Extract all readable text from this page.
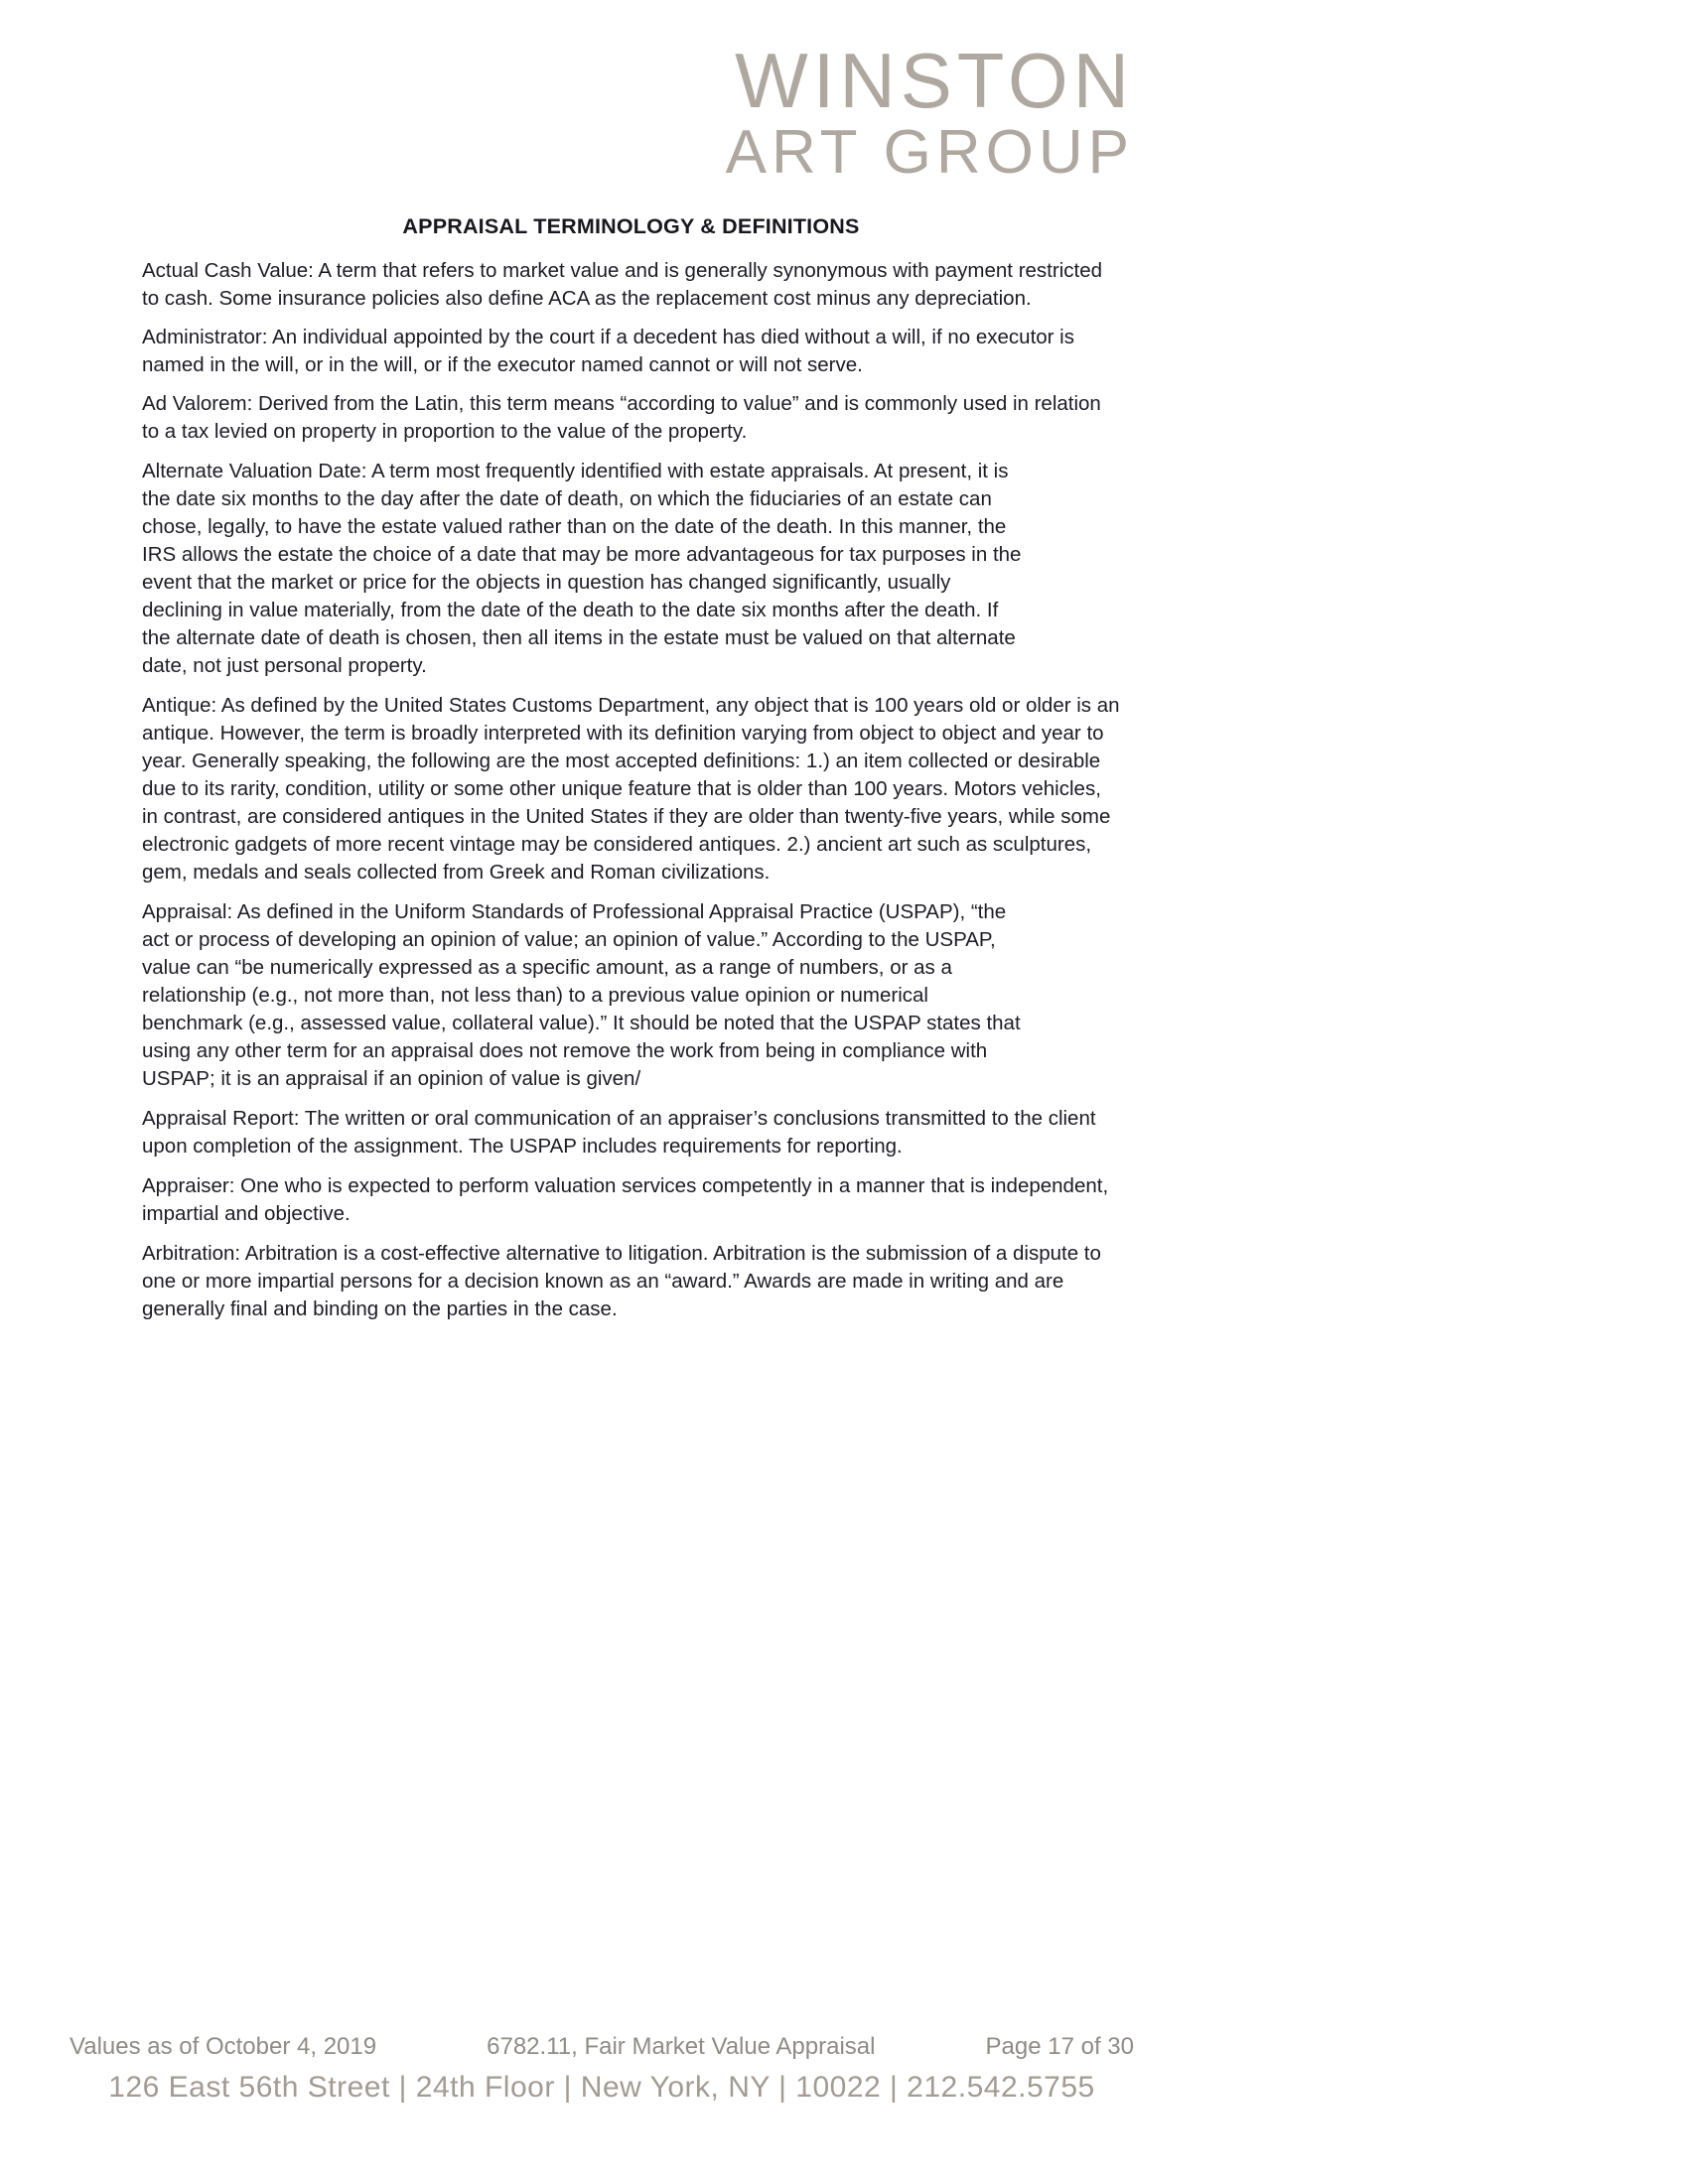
WINSTON
ART GROUP
APPRAISAL TERMINOLOGY & DEFINITIONS

Actual Cash Value: A term that refers to market value and is generally synonymous with payment restricted to cash. Some insurance policies also define ACA as the replacement cost minus any depreciation.

Administrator: An individual appointed by the court if a decedent has died without a will, if no executor is named in the will, or in the will, or if the executor named cannot or will not serve.

Ad Valorem: Derived from the Latin, this term means “according to value” and is commonly used in relation to a tax levied on property in proportion to the value of the property.

Alternate Valuation Date: A term most frequently identified with estate appraisals. At present, it is the date six months to the day after the date of death, on which the fiduciaries of an estate can chose, legally, to have the estate valued rather than on the date of the death. In this manner, the IRS allows the estate the choice of a date that may be more advantageous for tax purposes in the event that the market or price for the objects in question has changed significantly, usually declining in value materially, from the date of the death to the date six months after the death. If the alternate date of death is chosen, then all items in the estate must be valued on that alternate date, not just personal property.

Antique: As defined by the United States Customs Department, any object that is 100 years old or older is an antique. However, the term is broadly interpreted with its definition varying from object to object and year to year. Generally speaking, the following are the most accepted definitions: 1.) an item collected or desirable due to its rarity, condition, utility or some other unique feature that is older than 100 years. Motors vehicles, in contrast, are considered antiques in the United States if they are older than twenty-five years, while some electronic gadgets of more recent vintage may be considered antiques. 2.) ancient art such as sculptures, gem, medals and seals collected from Greek and Roman civilizations.

Appraisal: As defined in the Uniform Standards of Professional Appraisal Practice (USPAP), “the act or process of developing an opinion of value; an opinion of value.” According to the USPAP, value can “be numerically expressed as a specific amount, as a range of numbers, or as a relationship (e.g., not more than, not less than) to a previous value opinion or numerical benchmark (e.g., assessed value, collateral value).” It should be noted that the USPAP states that using any other term for an appraisal does not remove the work from being in compliance with USPAP; it is an appraisal if an opinion of value is given/

Appraisal Report: The written or oral communication of an appraiser’s conclusions transmitted to the client upon completion of the assignment. The USPAP includes requirements for reporting.

Appraiser: One who is expected to perform valuation services competently in a manner that is independent, impartial and objective.

Arbitration: Arbitration is a cost-effective alternative to litigation. Arbitration is the submission of a dispute to one or more impartial persons for a decision known as an “award.” Awards are made in writing and are generally final and binding on the parties in the case.

Values as of October 4, 2019	6782.11, Fair Market Value Appraisal	Page 17 of 30
126 East 56th Street | 24th Floor | New York, NY | 10022 | 212.542.5755
